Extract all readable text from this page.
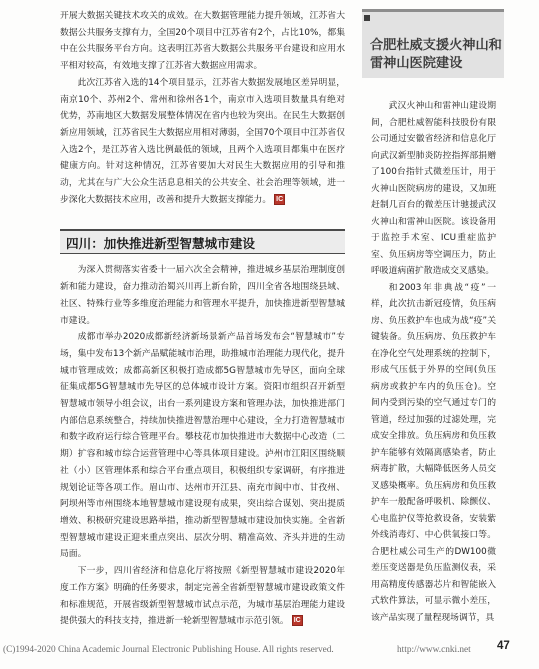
开展大数据关键技术攻关的成效。在大数据管理能力提升领域，江苏省大数据公共服务支撑有力，全国20个项目中江苏省有2个，占比10%，都集中在公共服务平台方向。这表明江苏省大数据公共服务平台建设和应用水平相对较高，有效地支撑了江苏省大数据应用需求。

此次江苏省入选的14个项目显示，江苏省大数据发展地区差异明显，南京10个、苏州2个、常州和徐州各1个，南京市入选项目数量具有绝对优势，苏南地区大数据发展整体情况在省内也较为突出。在民生大数据创新应用领域，江苏省民生大数据应用相对薄弱，全国70个项目中江苏省仅入选2个，是江苏省入选比例最低的领域，且两个入选项目都集中在医疗健康方向。针对这种情况，江苏省要加大对民生大数据应用的引导和推动，尤其在与广大公众生活息息相关的公共安全、社会治理等领域，进一步深化大数据技术应用，改善和提升大数据支撑能力。 IC

四川：加快推进新型智慧城市建设

为深入贯彻落实省委十一届六次全会精神，推进城乡基层治理制度创新和能力建设，奋力推动治蜀兴川再上新台阶，四川全省各地围绕县域、社区、特殊行业等多维度治理能力和管理水平提升，加快推进新型智慧城市建设。

成都市举办2020成都新经济新场景新产品首场发布会“智慧城市”专场，集中发布13个新产品赋能城市治理，助推城市治理能力现代化，提升城市管理成效；成都高新区积极打造成都5G智慧城市先导区，面向全球征集成都5G智慧城市先导区的总体城市设计方案。资阳市组织召开新型智慧城市领导小组会议，出台一系列建设方案和管理办法，加快推进部门内部信息系统整合，持续加快推进智慧治理中心建设，全力打造智慧城市和数字政府运行综合管理平台。攀枝花市加快推进市大数据中心改造（二期）扩容和城市综合运营管理中心等具体项目建设。泸州市江阳区围绕顺社（小）区管理体系和综合平台重点项目，积极组织专家调研，有序推进规划论证等各项工作。眉山市、达州市开江县、南充市阆中市、甘孜州、阿坝州等市州围绕本地智慧城市建设现有成果，突出综合谋划、突出提质增效、积极研究建设思路举措，推动新型智慧城市建设加快实施。全省新型智慧城市建设正迎来重点突出、层次分明、精准高效、齐头并进的生动局面。

下一步，四川省经济和信息化厅将按照《新型智慧城市建设2020年度工作方案》明确的任务要求，制定完善全省新型智慧城市建设政策文件和标准规范，开展省级新型智慧城市试点示范，为城市基层治理能力建设提供强大的科技支持，推进新一轮新型智慧城市示范引领。 IC

合肥杜威支援火神山和雷神山医院建设

武汉火神山和雷神山建设期间，合肥杜威智能科技股份有限公司通过安徽省经济和信息化厅向武汉新型肺炎防控指挥部捐赠了100台指针式微差压计，用于火神山医院病房的建设，又加班赶制几百台的微差压计驰援武汉火神山和雷神山医院。该设备用于监控手术室、ICU重症监护室、负压病房等空调压力，防止呼吸道病菌扩散造成交叉感染。

和2003年非典战“疫”一样，此次抗击新冠疫情，负压病房、负压救护车也成为战“疫”关键装备。负压病房、负压救护车在净化空气处理系统的控制下，形成气压低于外界的空间(负压病房或救护车内的负压仓)。空间内受到污染的空气通过专门的管道，经过加强的过滤处理，完成安全排放。负压病房和负压救护车能够有效隔离感染者，防止病毒扩散，大幅降低医务人员交叉感染概率。负压病房和负压救护车一般配备呼吸机、除颤仪、心电监护仪等抢救设备，安装紫外线消毒灯、中心供氧接口等。合肥杜威公司生产的DW100微差压变送器是负压监测仪表，采用高精度传感器芯片和智能嵌入式软件算法，可显示微小差压，该产品实现了量程现场调节，具

(C)1994-2020 China Academic Journal Electronic Publishing House. All rights reserved.	http://www.cnki.net 47
